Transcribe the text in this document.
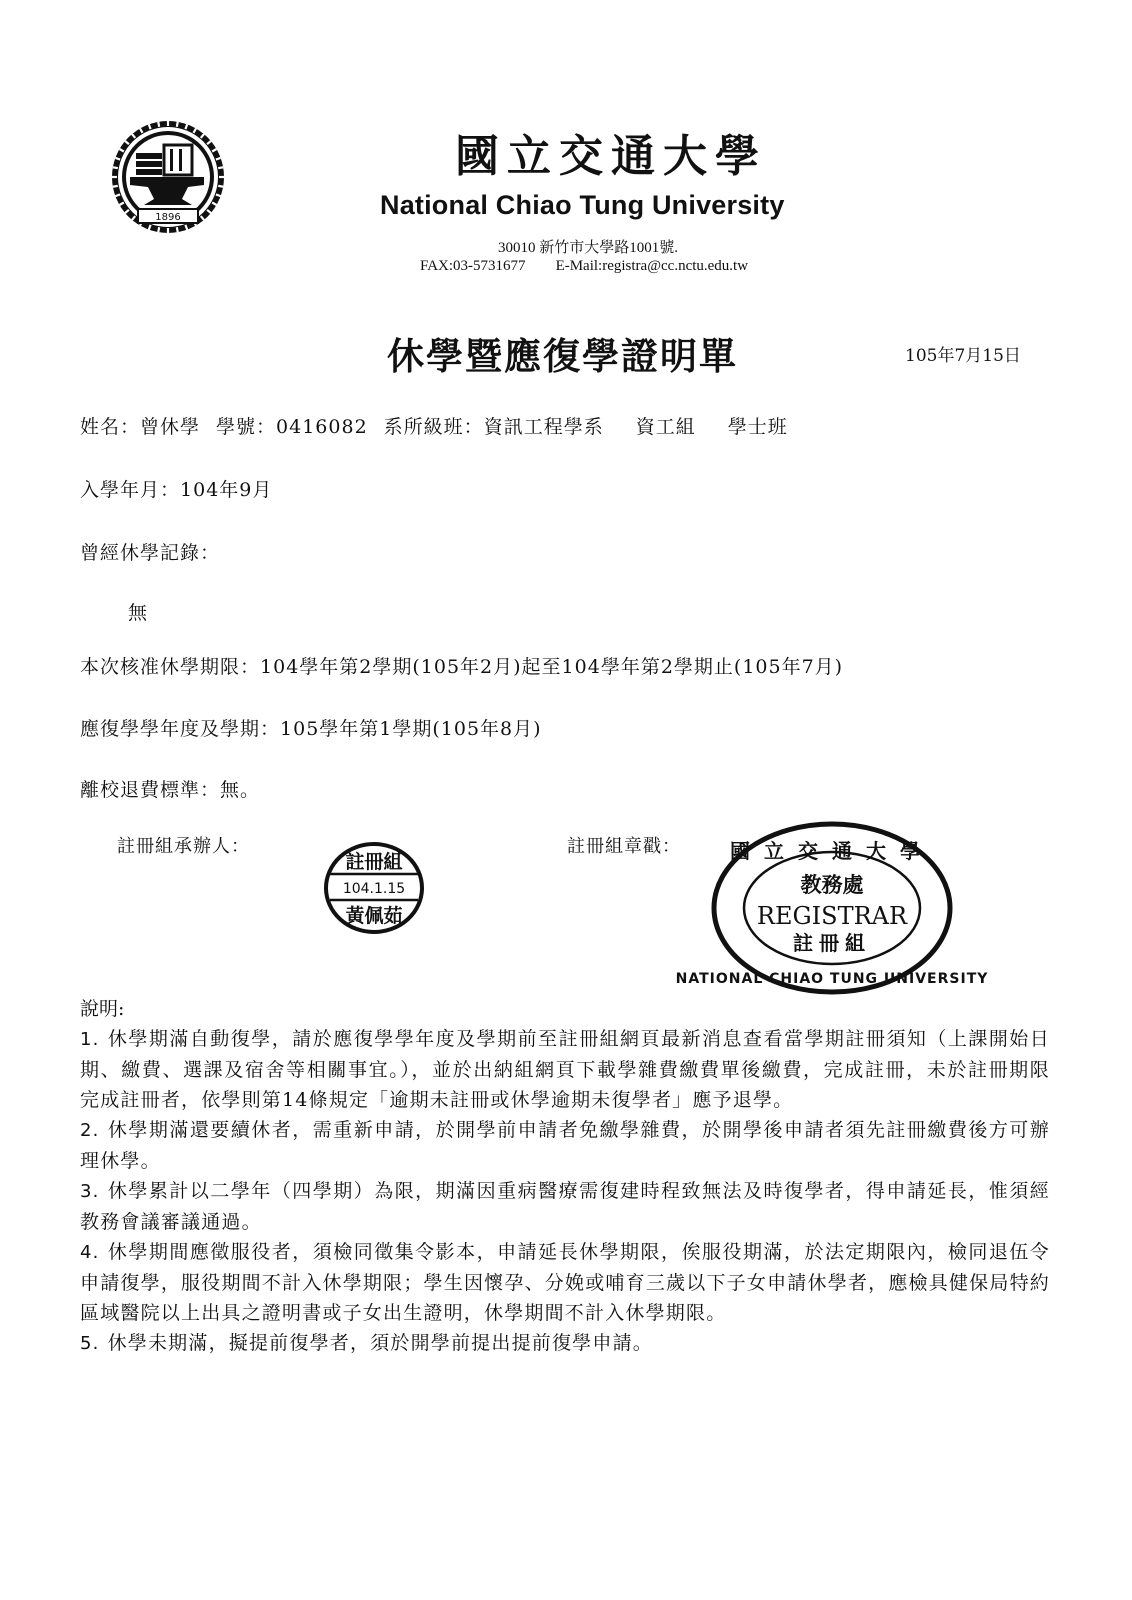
1896
國立交通大學
National Chiao Tung University
30010 新竹市大學路1001號.
FAX:03-5731677 E-Mail:registra@cc.nctu.edu.tw
休學暨應復學證明單	105年7月15日
姓名：曾休學 學號：0416082 系所級班：資訊工程學系 資工組 學士班
入學年月：104年9月
曾經休學記錄：
無
本次核准休學期限：104學年第2學期(105年2月)起至104學年第2學期止(105年7月)
應復學學年度及學期：105學年第1學期(105年8月)
離校退費標準：無。
註冊組承辦人：	註冊組章戳：
註冊組
104.1.15
黃佩茹
國立交通大學
教務處
REGISTRAR
註冊組
NATIONAL CHIAO TUNG UNIVERSITY
說明:

1. 休學期滿自動復學，請於應復學學年度及學期前至註冊組網頁最新消息查看當學期註冊須知（上課開始日期、繳費、選課及宿舍等相關事宜。），並於出納組網頁下載學雜費繳費單後繳費，完成註冊，未於註冊期限完成註冊者，依學則第14條規定「逾期未註冊或休學逾期未復學者」應予退學。

2. 休學期滿還要續休者，需重新申請，於開學前申請者免繳學雜費，於開學後申請者須先註冊繳費後方可辦理休學。

3. 休學累計以二學年（四學期）為限，期滿因重病醫療需復建時程致無法及時復學者，得申請延長，惟須經教務會議審議通過。

4. 休學期間應徵服役者，須檢同徵集令影本，申請延長休學期限，俟服役期滿，於法定期限內，檢同退伍令申請復學，服役期間不計入休學期限；學生因懷孕、分娩或哺育三歲以下子女申請休學者，應檢具健保局特約區域醫院以上出具之證明書或子女出生證明，休學期間不計入休學期限。

5. 休學未期滿，擬提前復學者，須於開學前提出提前復學申請。
